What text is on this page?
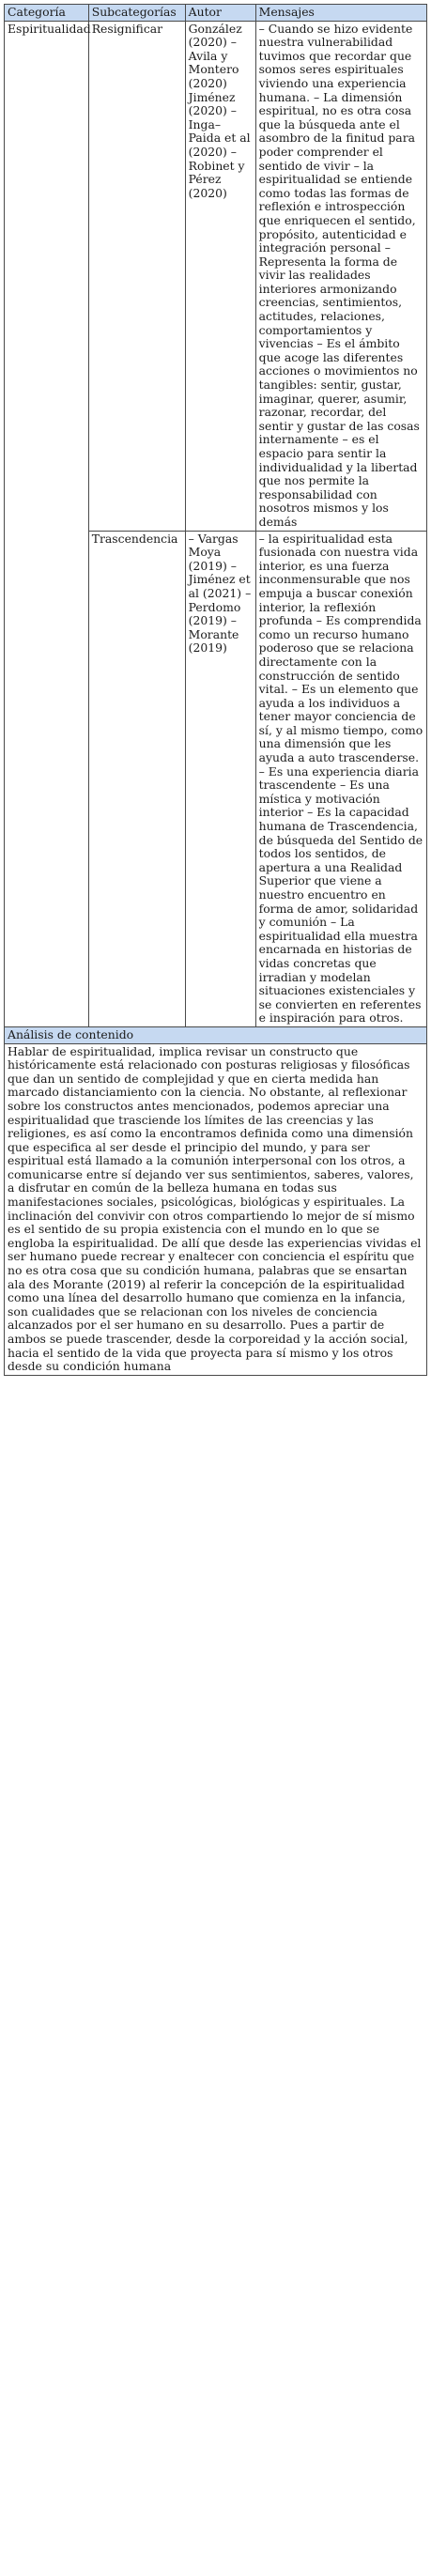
Categoría	Subcategorías	Autor	Mensajes
Espiritualidad	Resignificar	González (2020) – Avila y Montero (2020) Jiménez (2020) – Inga–Paida et al (2020) – Robinet y Pérez (2020)	– Cuando se hizo evidente nuestra vulnerabilidad tuvimos que recordar que somos seres espirituales viviendo una experiencia humana. – La dimensión espiritual, no es otra cosa que la búsqueda ante el asombro de la finitud para poder comprender el sentido de vivir – la espiritualidad se entiende como todas las formas de reflexión e introspección que enriquecen el sentido, propósito, autenticidad e integración personal – Representa la forma de vivir las realidades interiores armonizando creencias, sentimientos, actitudes, relaciones, comportamientos y vivencias – Es el ámbito que acoge las diferentes acciones o movimientos no tangibles: sentir, gustar, imaginar, querer, asumir, razonar, recordar, del sentir y gustar de las cosas internamente – es el espacio para sentir la individualidad y la libertad que nos permite la responsabilidad con nosotros mismos y los demás
	Trascendencia	– Vargas Moya (2019) – Jiménez et al (2021) – Perdomo (2019) – Morante (2019)	– la espiritualidad esta fusionada con nuestra vida interior, es una fuerza inconmensurable que nos empuja a buscar conexión interior, la reflexión profunda – Es comprendida como un recurso humano poderoso que se relaciona directamente con la construcción de sentido vital. – Es un elemento que ayuda a los individuos a tener mayor conciencia de sí, y al mismo tiempo, como una dimensión que les ayuda a auto trascenderse. – Es una experiencia diaria trascendente – Es una mística y motivación interior – Es la capacidad humana de Trascendencia, de búsqueda del Sentido de todos los sentidos, de apertura a una Realidad Superior que viene a nuestro encuentro en forma de amor, solidaridad y comunión – La espiritualidad ella muestra encarnada en historias de vidas concretas que irradian y modelan situaciones existenciales y se convierten en referentes e inspiración para otros.
Análisis de contenido			
Hablar de espiritualidad, implica revisar un constructo que históricamente está relacionado con posturas religiosas y filosóficas que dan un sentido de complejidad y que en cierta medida han marcado distanciamiento con la ciencia. No obstante, al reflexionar sobre los constructos antes mencionados, podemos apreciar una espiritualidad que trasciende los límites de las creencias y las religiones, es así como la encontramos definida como una dimensión que especifica al ser desde el principio del mundo, y para ser espiritual está llamado a la comunión interpersonal con los otros, a comunicarse entre sí dejando ver sus sentimientos, saberes, valores, a disfrutar en común de la belleza humana en todas sus manifestaciones sociales, psicológicas, biológicas y espirituales. La inclinación del convivir con otros compartiendo lo mejor de sí mismo es el sentido de su propia existencia con el mundo en lo que se engloba la espiritualidad. De allí que desde las experiencias vividas el ser humano puede recrear y enaltecer con conciencia el espíritu que no es otra cosa que su condición humana, palabras que se ensartan ala des Morante (2019) al referir la concepción de la espiritualidad como una línea del desarrollo humano que comienza en la infancia, son cualidades que se relacionan con los niveles de conciencia alcanzados por el ser humano en su desarrollo. Pues a partir de ambos se puede trascender, desde la corporeidad y la acción social, hacia el sentido de la vida que proyecta para sí mismo y los otros desde su condición humana			
